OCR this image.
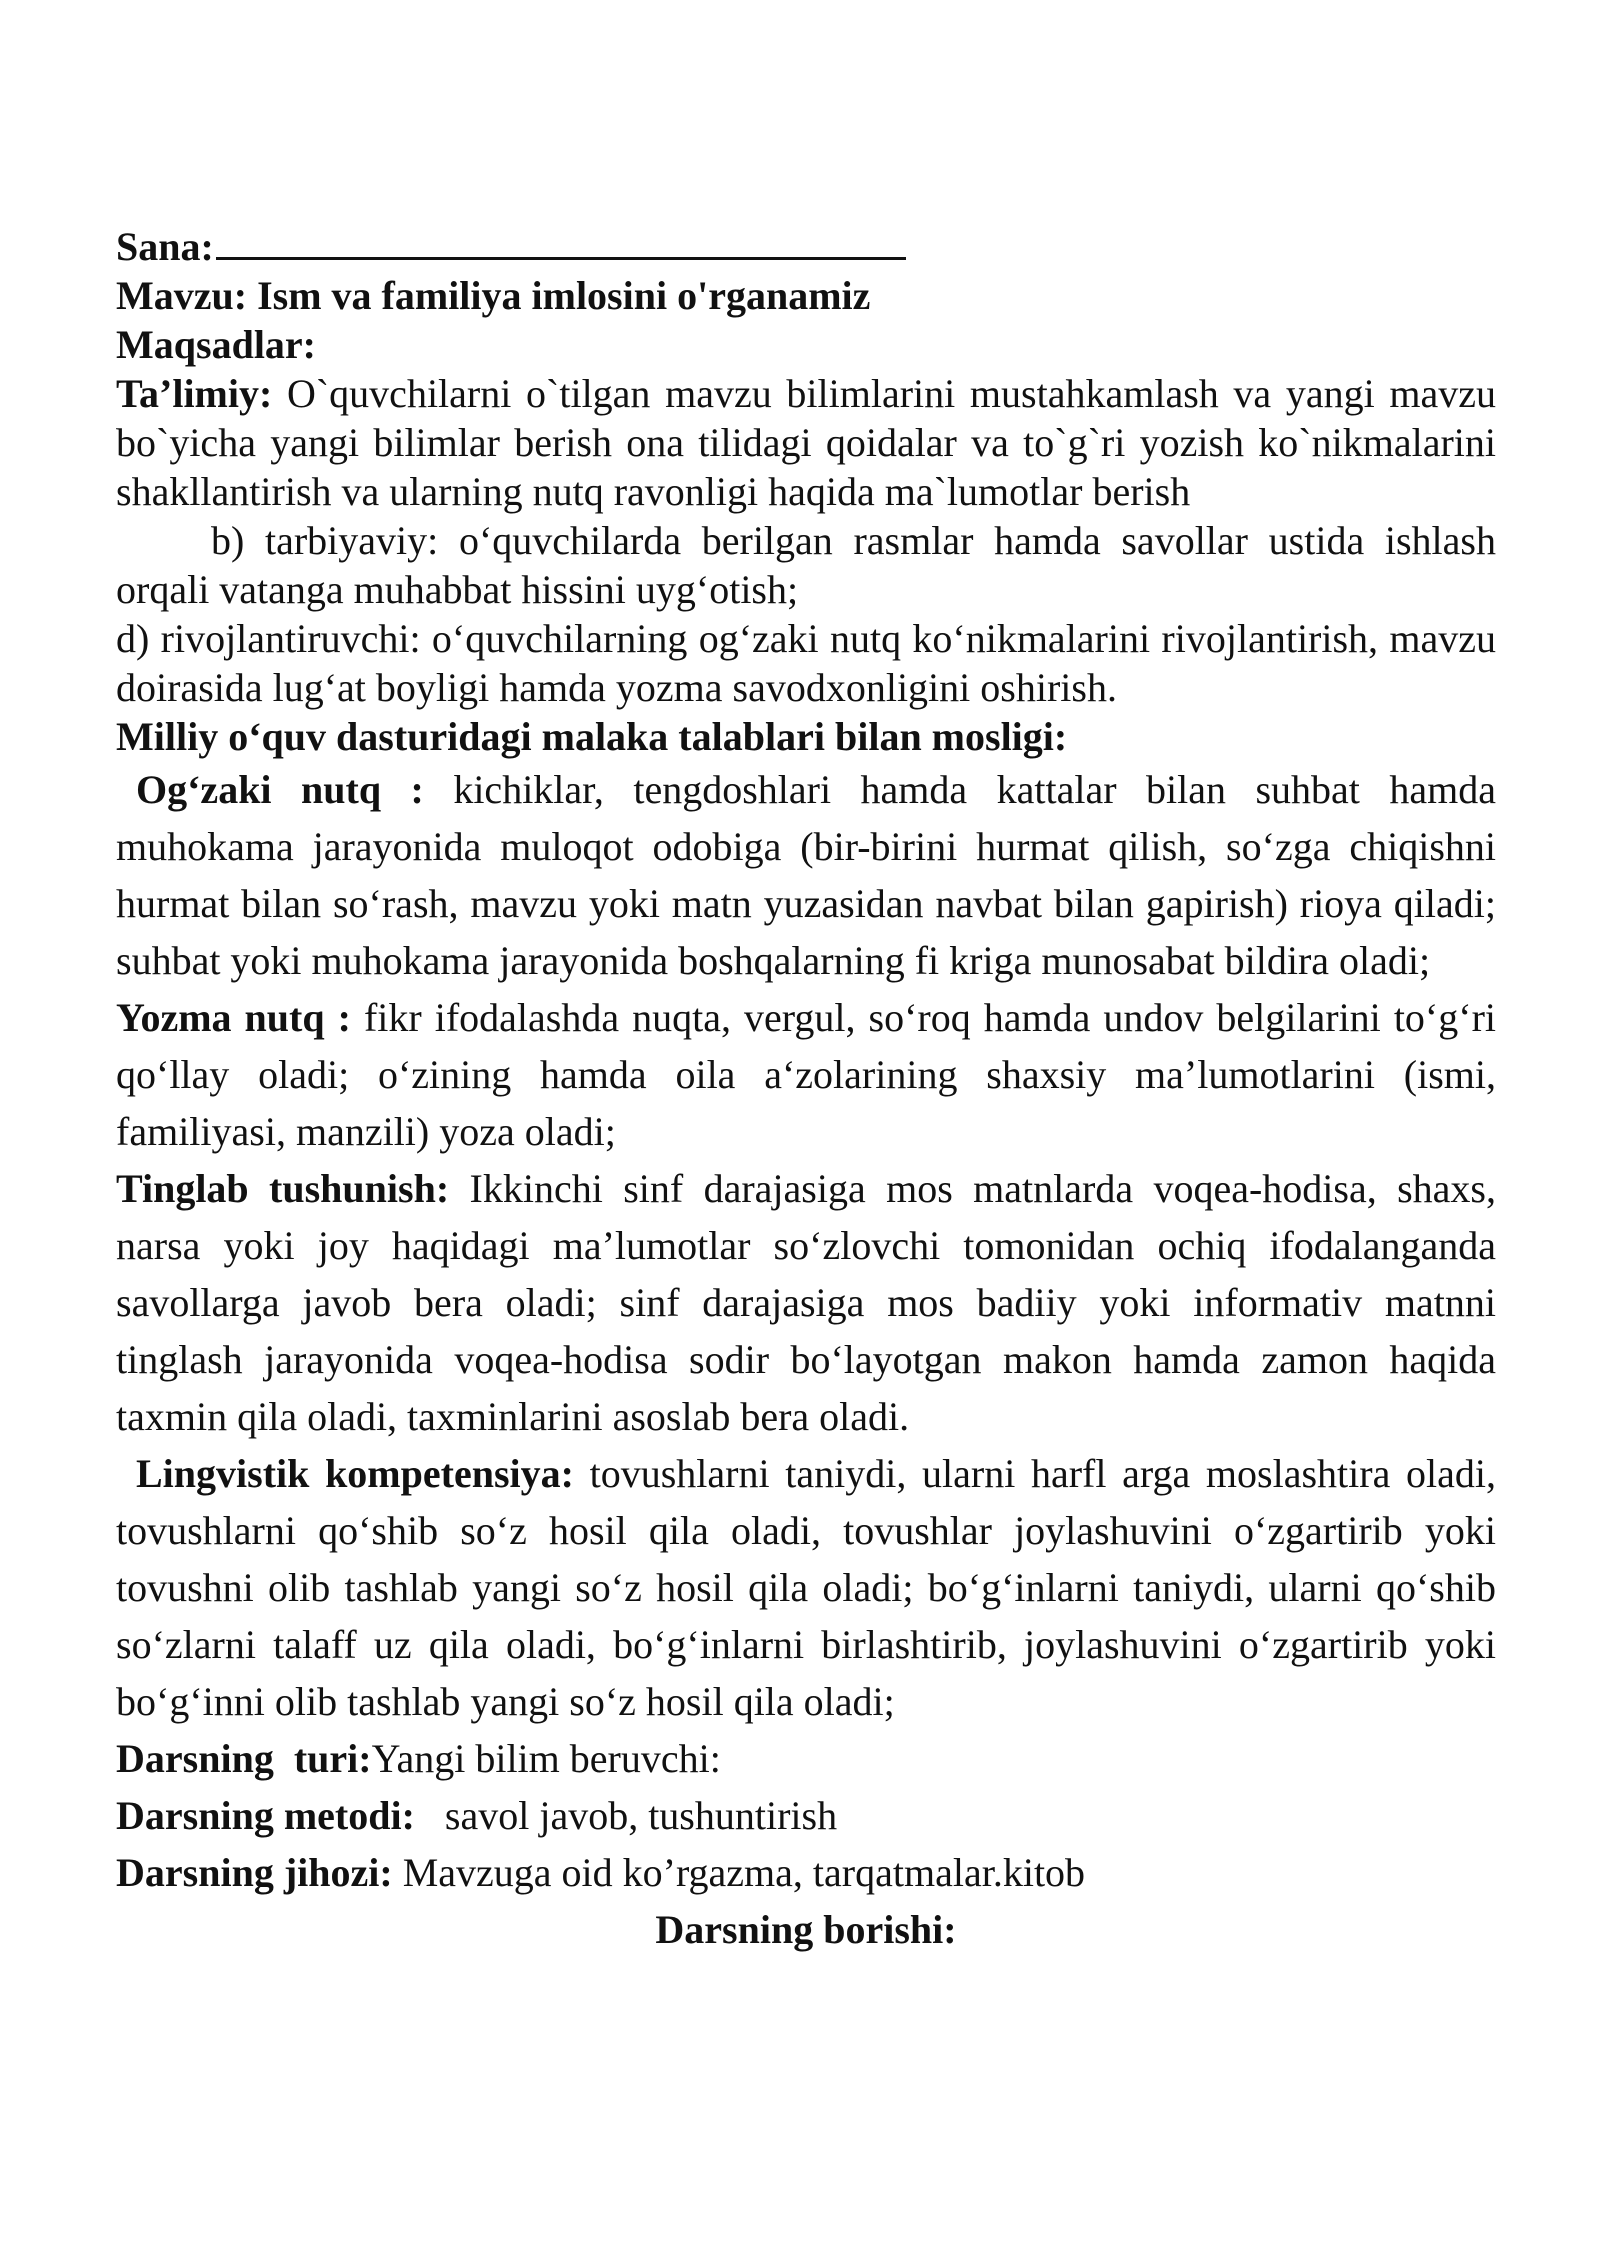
Sana:

Mavzu: Ism va familiya imlosini o'rganamiz

Maqsadlar:

Ta’limiy: O`quvchilarni o`tilgan mavzu bilimlarini mustahkamlash va yangi mavzu bo`yicha yangi bilimlar berish ona tilidagi qoidalar va to`g`ri yozish ko`nikmalarini shakllantirish va ularning nutq ravonligi haqida ma`lumotlar berish

b) tarbiyaviy: o‘quvchilarda berilgan rasmlar hamda savollar ustida ishlash orqali vatanga muhabbat hissini uyg‘otish;

d) rivojlantiruvchi: o‘quvchilarning og‘zaki nutq ko‘nikmalarini rivojlantirish, mavzu doirasida lug‘at boyligi hamda yozma savodxonligini oshirish.

Milliy o‘quv dasturidagi malaka talablari bilan mosligi:

Og‘zaki nutq : kichiklar, tengdoshlari hamda kattalar bilan suhbat hamda muhokama jarayonida muloqot odobiga (bir-birini hurmat qilish, so‘zga chiqishni hurmat bilan so‘rash, mavzu yoki matn yuzasidan navbat bilan gapirish) rioya qiladi; suhbat yoki muhokama jarayonida boshqalarning fi kriga munosabat bildira oladi;

Yozma nutq : fikr ifodalashda nuqta, vergul, so‘roq hamda undov belgilarini to‘g‘ri qo‘llay oladi; o‘zining hamda oila a‘zolarining shaxsiy ma’lumotlarini (ismi, familiyasi, manzili) yoza oladi;

Tinglab tushunish: Ikkinchi sinf darajasiga mos matnlarda voqea-hodisa, shaxs, narsa yoki joy haqidagi ma’lumotlar so‘zlovchi tomonidan ochiq ifodalanganda savollarga javob bera oladi; sinf darajasiga mos badiiy yoki informativ matnni tinglash jarayonida voqea-hodisa sodir bo‘layotgan makon hamda zamon haqida taxmin qila oladi, taxminlarini asoslab bera oladi.

Lingvistik kompetensiya: tovushlarni taniydi, ularni harfl arga moslashtira oladi, tovushlarni qo‘shib so‘z hosil qila oladi, tovushlar joylashuvini o‘zgartirib yoki tovushni olib tashlab yangi so‘z hosil qila oladi; bo‘g‘inlarni taniydi, ularni qo‘shib so‘zlarni talaff uz qila oladi, bo‘g‘inlarni birlashtirib, joylashuvini o‘zgartirib yoki bo‘g‘inni olib tashlab yangi so‘z hosil qila oladi;

Darsning  turi:Yangi bilim beruvchi:

Darsning metodi:   savol javob, tushuntirish

Darsning jihozi: Mavzuga oid ko’rgazma, tarqatmalar.kitob

Darsning borishi:
